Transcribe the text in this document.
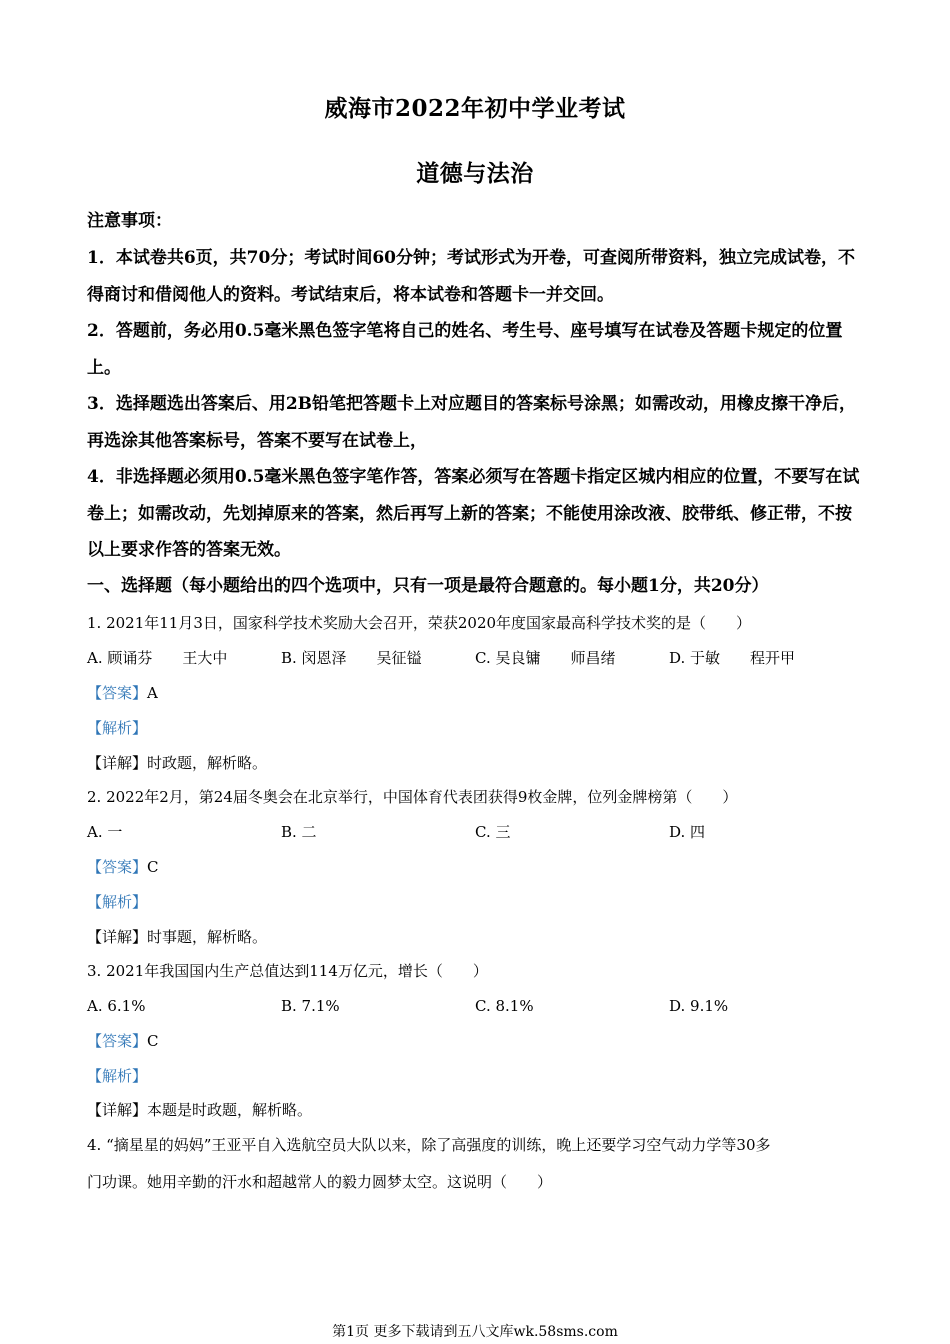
威海市2022年初中学业考试
道德与法治
注意事项：

1．本试卷共6页，共70分；考试时间60分钟；考试形式为开卷，可查阅所带资料，独立完成试卷，不得商讨和借阅他人的资料。考试结束后，将本试卷和答题卡一并交回。

2．答题前，务必用0.5毫米黑色签字笔将自己的姓名、考生号、座号填写在试卷及答题卡规定的位置上。

3．选择题选出答案后、用2B铅笔把答题卡上对应题目的答案标号涂黑；如需改动，用橡皮擦干净后，再选涂其他答案标号，答案不要写在试卷上，

4．非选择题必须用0.5毫米黑色签字笔作答，答案必须写在答题卡指定区城内相应的位置，不要写在试卷上；如需改动，先划掉原来的答案，然后再写上新的答案；不能使用涂改液、胶带纸、修正带，不按以上要求作答的答案无效。

一、选择题（每小题给出的四个选项中，只有一项是最符合题意的。每小题1分，共20分）
1. 2021年11月3日，国家科学技术奖励大会召开，荣获2020年度国家最高科学技术奖的是（　　）
A. 顾诵芬　　王大中	B. 闵恩泽　　吴征镒	C. 吴良镛　　师昌绪	D. 于敏　　程开甲
【答案】A
【解析】
【详解】时政题，解析略。
2. 2022年2月，第24届冬奥会在北京举行，中国体育代表团获得9枚金牌，位列金牌榜第（　　）
A. 一	B. 二	C. 三	D. 四
【答案】C
【解析】
【详解】时事题，解析略。
3. 2021年我国国内生产总值达到114万亿元，增长（　　）
A. 6.1%	B. 7.1%	C. 8.1%	D. 9.1%
【答案】C
【解析】
【详解】本题是时政题，解析略。
4. “摘星星的妈妈”王亚平自入选航空员大队以来，除了高强度的训练，晚上还要学习空气动力学等30多
门功课。她用辛勤的汗水和超越常人的毅力圆梦太空。这说明（　　）
第1页 更多下载请到五八文库wk.58sms.com
